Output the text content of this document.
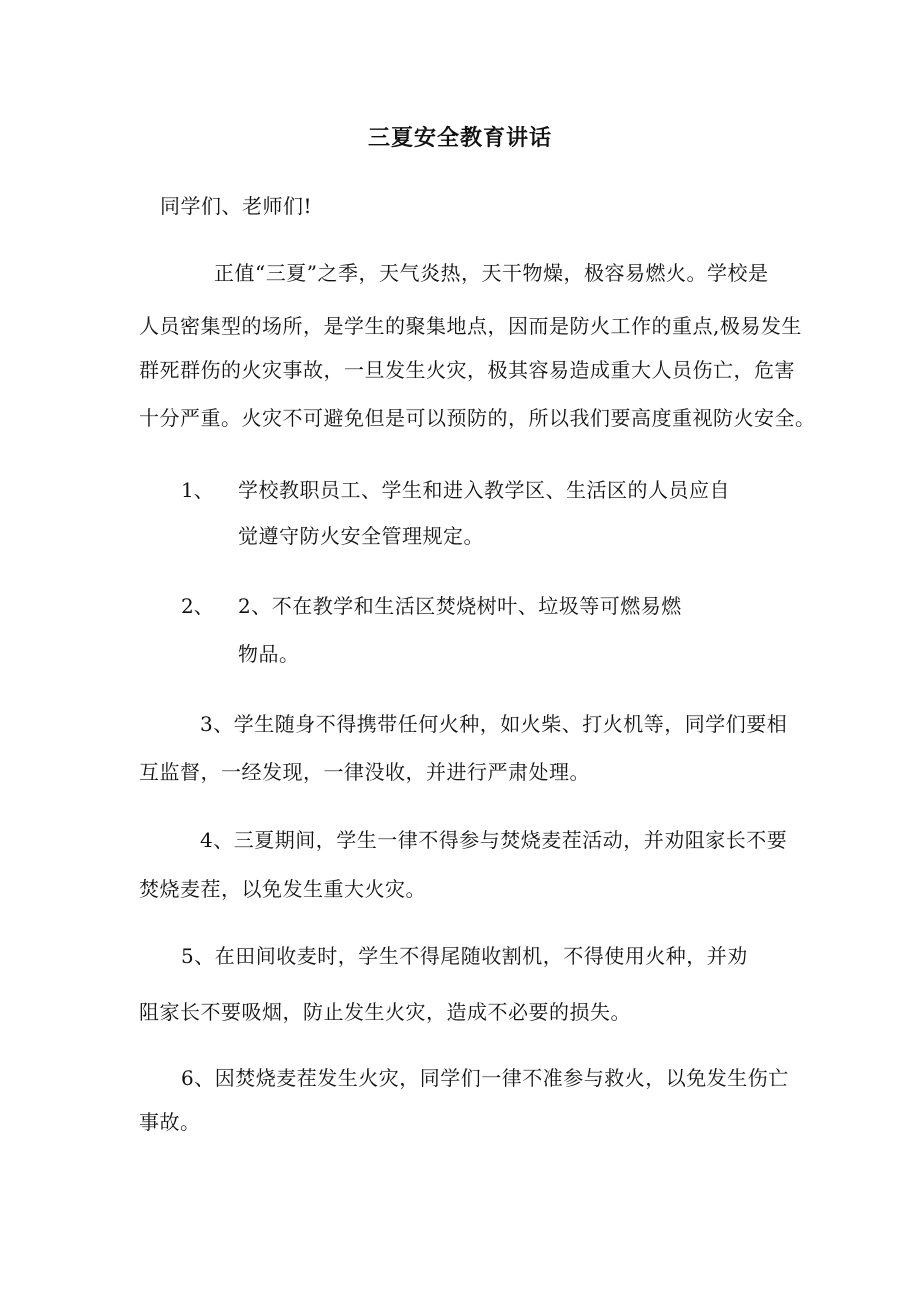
三夏安全教育讲话
同学们、老师们!
正值“三夏”之季，天气炎热，天干物燥，极容易燃火。学校是
人员密集型的场所，是学生的聚集地点，因而是防火工作的重点,极易发生
群死群伤的火灾事故，一旦发生火灾，极其容易造成重大人员伤亡，危害
十分严重。火灾不可避免但是可以预防的，所以我们要高度重视防火安全。
1、 学校教职员工、学生和进入教学区、生活区的人员应自
觉遵守防火安全管理规定。
2、 2、不在教学和生活区焚烧树叶、垃圾等可燃易燃
物品。
3、学生随身不得携带任何火种，如火柴、打火机等，同学们要相
互监督，一经发现，一律没收，并进行严肃处理。
4、三夏期间，学生一律不得参与焚烧麦茬活动，并劝阻家长不要
焚烧麦茬，以免发生重大火灾。
5、在田间收麦时，学生不得尾随收割机，不得使用火种，并劝
阻家长不要吸烟，防止发生火灾，造成不必要的损失。
6、因焚烧麦茬发生火灾，同学们一律不准参与救火，以免发生伤亡
事故。
